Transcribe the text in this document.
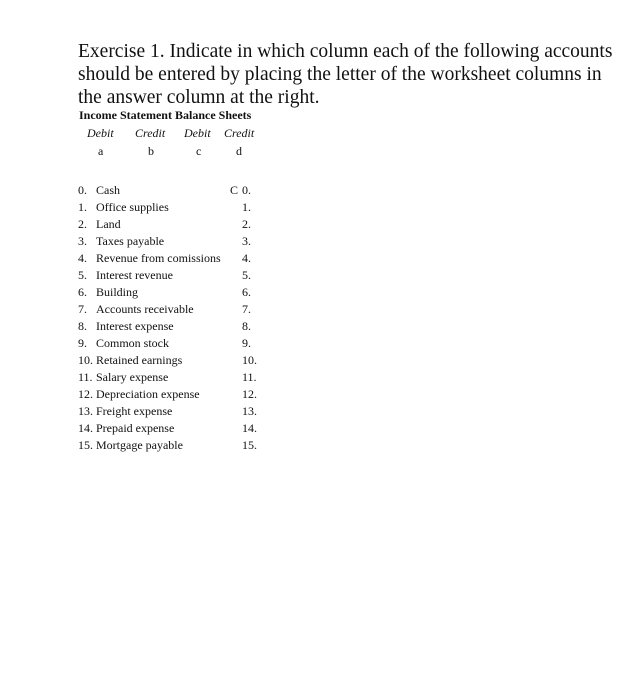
Exercise 1. Indicate in which column each of the following accounts should be entered by placing the letter of the worksheet columns in the answer column at the right.

Income Statement Balance Sheets
Debit Credit Debit Credit
a	b	c	d
0. Cash	C 0.
1. Office supplies	1.
2. Land	2.
3. Taxes payable	3.
4. Revenue from comissions 4.
5. Interest revenue	5.
6. Building	6.
7. Accounts receivable	7.
8. Interest expense	8.
9. Common stock	9.
10. Retained earnings	10.
11. Salary expense	11.
12. Depreciation expense	12.
13. Freight expense	13.
14. Prepaid expense	14.
15. Mortgage payable	15.
